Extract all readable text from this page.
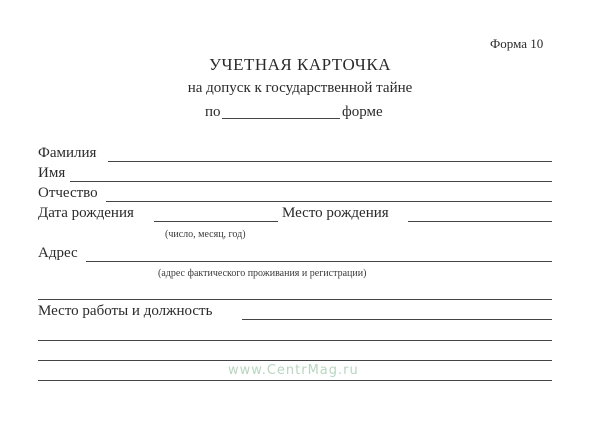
Форма 10
УЧЕТНАЯ КАРТОЧКА
на допуск к государственной тайне
по	форме
Фамилия
Имя
Отчество
Дата рождения	Место рождения
(число, месяц, год)
Адрес
(адрес фактического проживания и регистрации)
Место работы и должность
www.CentrMag.ru
